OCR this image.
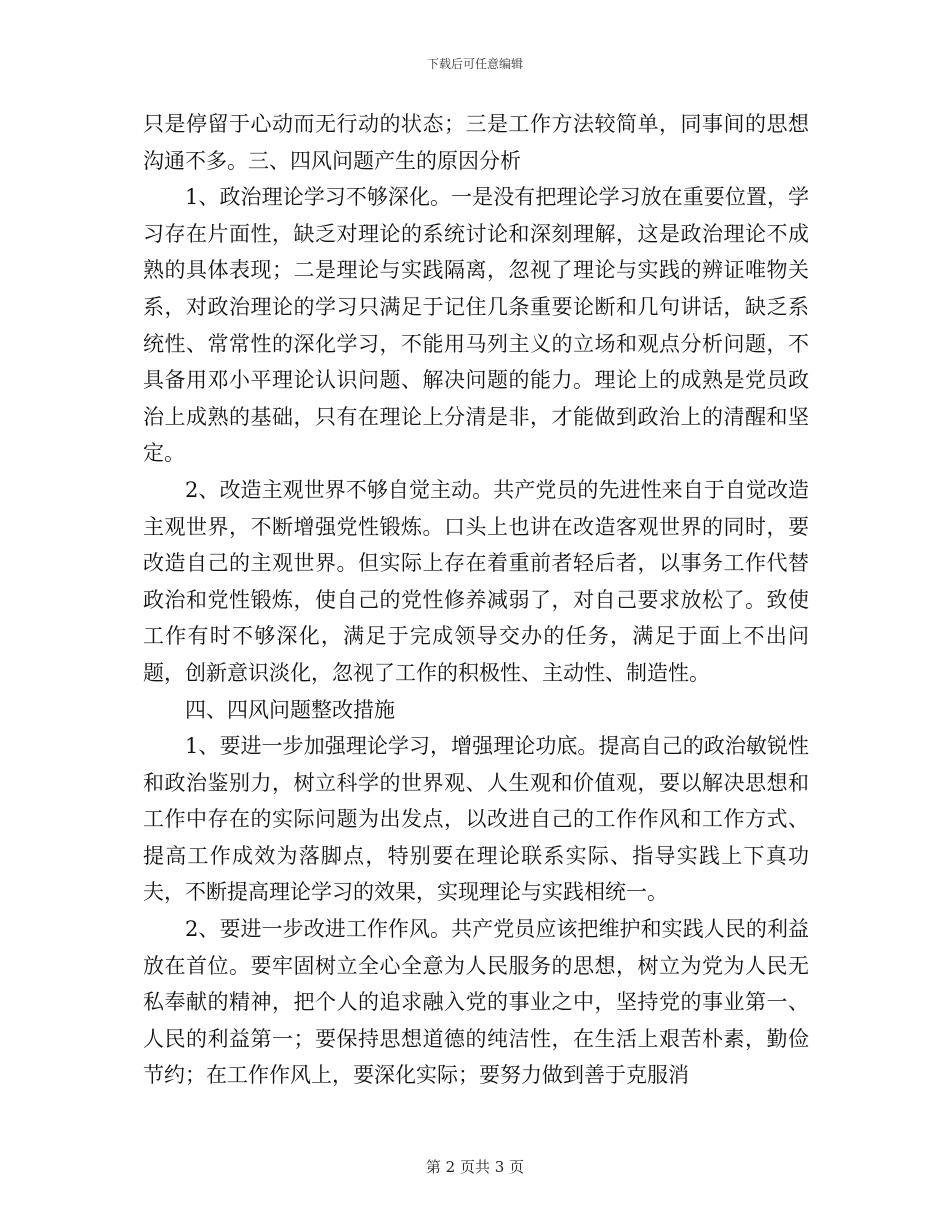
下载后可任意编辑

只是停留于心动而无行动的状态；三是工作方法较简单，同事间的思想沟通不多。三、四风问题产生的原因分析

1、政治理论学习不够深化。一是没有把理论学习放在重要位置，学习存在片面性，缺乏对理论的系统讨论和深刻理解，这是政治理论不成熟的具体表现；二是理论与实践隔离，忽视了理论与实践的辨证唯物关系，对政治理论的学习只满足于记住几条重要论断和几句讲话，缺乏系统性、常常性的深化学习，不能用马列主义的立场和观点分析问题，不具备用邓小平理论认识问题、解决问题的能力。理论上的成熟是党员政治上成熟的基础，只有在理论上分清是非，才能做到政治上的清醒和坚定。

2、改造主观世界不够自觉主动。共产党员的先进性来自于自觉改造主观世界，不断增强党性锻炼。口头上也讲在改造客观世界的同时，要改造自己的主观世界。但实际上存在着重前者轻后者，以事务工作代替政治和党性锻炼，使自己的党性修养减弱了，对自己要求放松了。致使工作有时不够深化，满足于完成领导交办的任务，满足于面上不出问题，创新意识淡化，忽视了工作的积极性、主动性、制造性。

四、四风问题整改措施

1、要进一步加强理论学习，增强理论功底。提高自己的政治敏锐性和政治鉴别力，树立科学的世界观、人生观和价值观，要以解决思想和工作中存在的实际问题为出发点，以改进自己的工作作风和工作方式、提高工作成效为落脚点，特别要在理论联系实际、指导实践上下真功夫，不断提高理论学习的效果，实现理论与实践相统一。

2、要进一步改进工作作风。共产党员应该把维护和实践人民的利益放在首位。要牢固树立全心全意为人民服务的思想，树立为党为人民无私奉献的精神，把个人的追求融入党的事业之中，坚持党的事业第一、人民的利益第一；要保持思想道德的纯洁性，在生活上艰苦朴素，勤俭节约；在工作作风上，要深化实际；要努力做到善于克服消

第 2 页共 3 页
